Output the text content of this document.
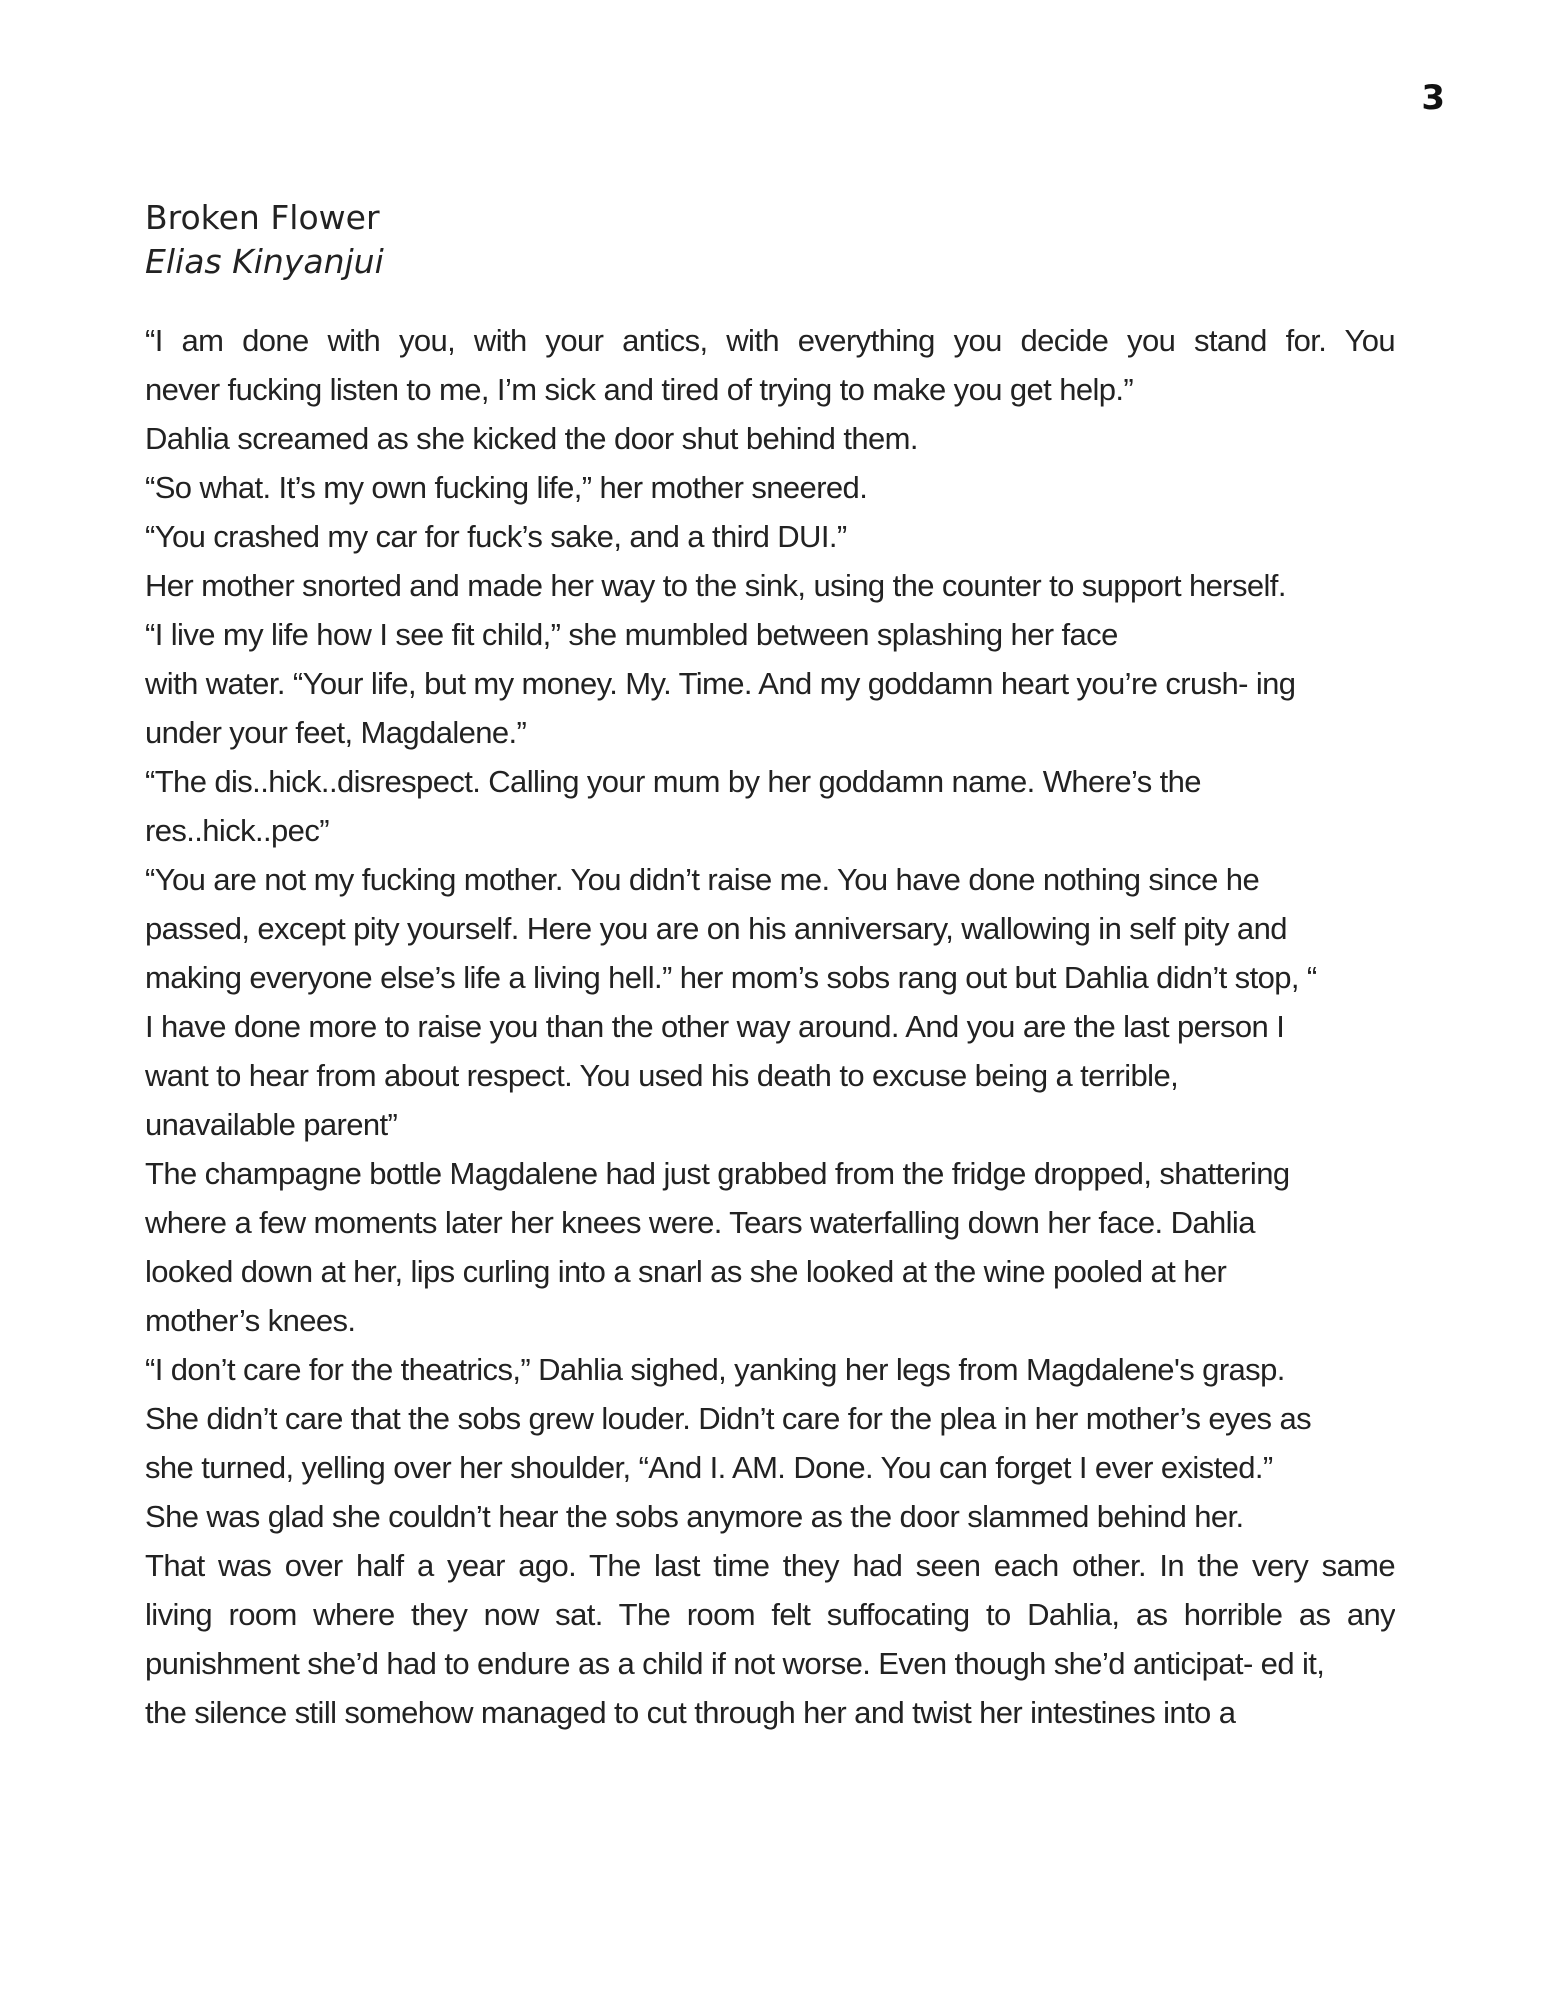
3
Broken Flower
Elias Kinyanjui
“I am done with you, with your antics, with everything you decide you stand for. You
never fucking listen to me, I’m sick and tired of trying to make you get help.”
Dahlia screamed as she kicked the door shut behind them.
“So what. It’s my own fucking life,” her mother sneered.
“You crashed my car for fuck’s sake, and a third DUI.”
Her mother snorted and made her way to the sink, using the counter to support herself.
“I live my life how I see fit child,” she mumbled between splashing her face
with water. “Your life, but my money. My. Time. And my goddamn heart you’re crush- ing
under your feet, Magdalene.”
“The dis..hick..disrespect. Calling your mum by her goddamn name. Where’s the
res..hick..pec”
“You are not my fucking mother. You didn’t raise me. You have done nothing since he
passed, except pity yourself. Here you are on his anniversary, wallowing in self pity and
making everyone else’s life a living hell.” her mom’s sobs rang out but Dahlia didn’t stop, “
I have done more to raise you than the other way around. And you are the last person I
want to hear from about respect. You used his death to excuse being a terrible,
unavailable parent”
The champagne bottle Magdalene had just grabbed from the fridge dropped, shattering
where a few moments later her knees were. Tears waterfalling down her face. Dahlia
looked down at her, lips curling into a snarl as she looked at the wine pooled at her
mother’s knees.
“I don’t care for the theatrics,” Dahlia sighed, yanking her legs from Magdalene's grasp.
She didn’t care that the sobs grew louder. Didn’t care for the plea in her mother’s eyes as
she turned, yelling over her shoulder, “And I. AM. Done. You can forget I ever existed.”
She was glad she couldn’t hear the sobs anymore as the door slammed behind her.
That was over half a year ago. The last time they had seen each other. In the very same
living room where they now sat. The room felt suffocating to Dahlia, as horrible as any
punishment she’d had to endure as a child if not worse. Even though she’d anticipat- ed it,
the silence still somehow managed to cut through her and twist her intestines into a
